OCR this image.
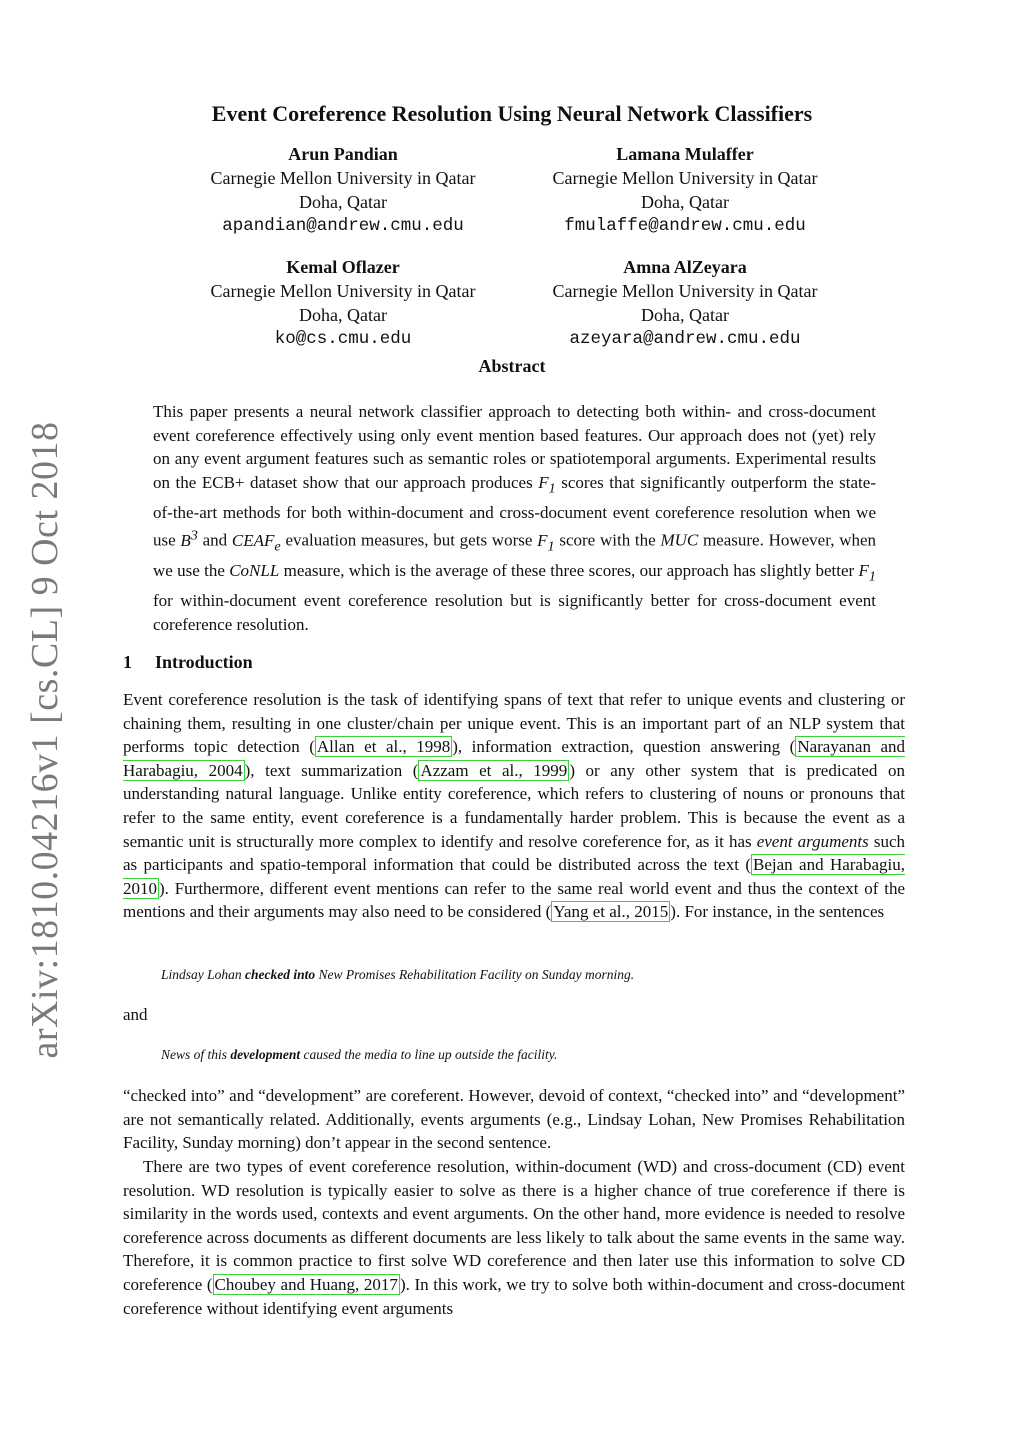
arXiv:1810.04216v1 [cs.CL] 9 Oct 2018
Event Coreference Resolution Using Neural Network Classifiers
Arun Pandian
Carnegie Mellon University in Qatar
Doha, Qatar
apandian@andrew.cmu.edu
Lamana Mulaffer
Carnegie Mellon University in Qatar
Doha, Qatar
fmulaffe@andrew.cmu.edu
Kemal Oflazer
Carnegie Mellon University in Qatar
Doha, Qatar
ko@cs.cmu.edu
Amna AlZeyara
Carnegie Mellon University in Qatar
Doha, Qatar
azeyara@andrew.cmu.edu
Abstract
This paper presents a neural network classifier approach to detecting both within- and cross-document event coreference effectively using only event mention based features. Our approach does not (yet) rely on any event argument features such as semantic roles or spatiotemporal arguments. Experimental results on the ECB+ dataset show that our approach produces $F_1$ scores that significantly outperform the state-of-the-art methods for both within-document and cross-document event coreference resolution when we use $B^3$ and $CEAF_e$ evaluation measures, but gets worse $F_1$ score with the MUC measure. However, when we use the CoNLL measure, which is the average of these three scores, our approach has slightly better $F_1$ for within-document event coreference resolution but is significantly better for cross-document event coreference resolution.
1 Introduction
Event coreference resolution is the task of identifying spans of text that refer to unique events and clustering or chaining them, resulting in one cluster/chain per unique event. This is an important part of an NLP system that performs topic detection ( Allan et al., 1998 ), information extraction, question answering ( Narayanan and Harabagiu, 2004 ), text summarization ( Azzam et al., 1999 ) or any other system that is predicated on understanding natural language. Unlike entity coreference, which refers to clustering of nouns or pronouns that refer to the same entity, event coreference is a fundamentally harder problem. This is because the event as a semantic unit is structurally more complex to identify and resolve coreference for, as it has event arguments such as participants and spatio-temporal information that could be distributed across the text ( Bejan and Harabagiu, 2010 ). Furthermore, different event mentions can refer to the same real world event and thus the context of the mentions and their arguments may also need to be considered ( Yang et al., 2015 ). For instance, in the sentences
Lindsay Lohan checked into New Promises Rehabilitation Facility on Sunday morning.
and
News of this development caused the media to line up outside the facility.
“checked into” and “development” are coreferent. However, devoid of context, “checked into” and “development” are not semantically related. Additionally, events arguments (e.g., Lindsay Lohan, New Promises Rehabilitation Facility, Sunday morning) don’t appear in the second sentence.
There are two types of event coreference resolution, within-document (WD) and cross-document (CD) event resolution. WD resolution is typically easier to solve as there is a higher chance of true coreference if there is similarity in the words used, contexts and event arguments. On the other hand, more evidence is needed to resolve coreference across documents as different documents are less likely to talk about the same events in the same way. Therefore, it is common practice to first solve WD coreference and then later use this information to solve CD coreference ( Choubey and Huang, 2017 ). In this work, we try to solve both within-document and cross-document coreference without identifying event arguments
